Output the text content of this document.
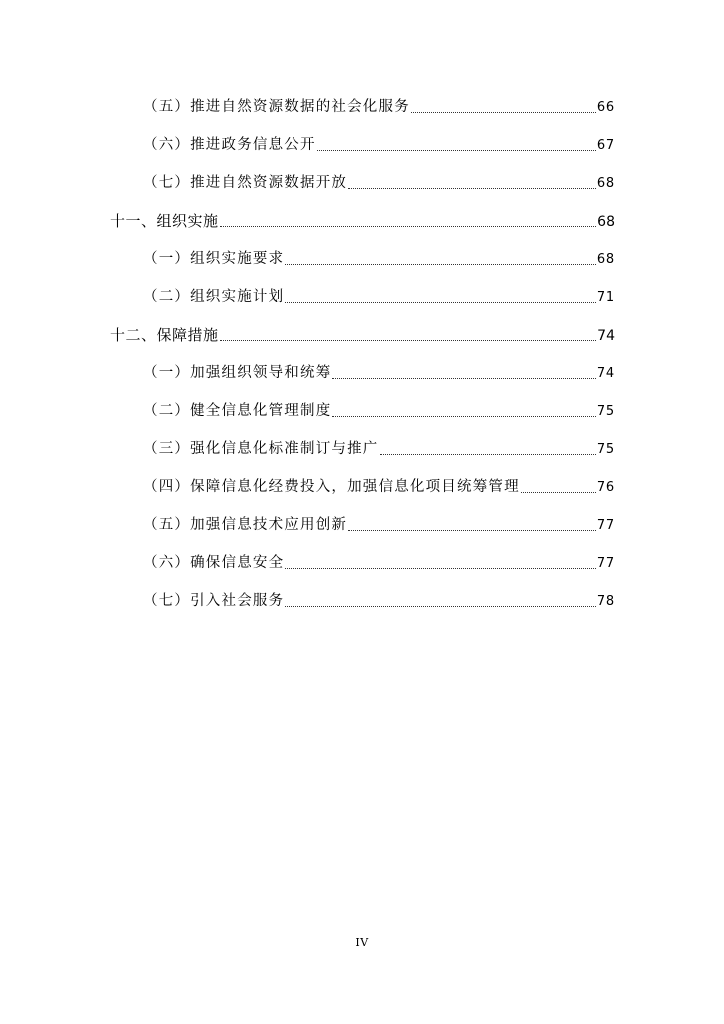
（五）推进自然资源数据的社会化服务	66
（六）推进政务信息公开	67
（七）推进自然资源数据开放	68
十一、组织实施	68
（一）组织实施要求	68
（二）组织实施计划	71
十二、保障措施	74
（一）加强组织领导和统筹	74
（二）健全信息化管理制度	75
（三）强化信息化标准制订与推广	75
（四）保障信息化经费投入，加强信息化项目统筹管理	76
（五）加强信息技术应用创新	77
（六）确保信息安全	77
（七）引入社会服务	78
IV
